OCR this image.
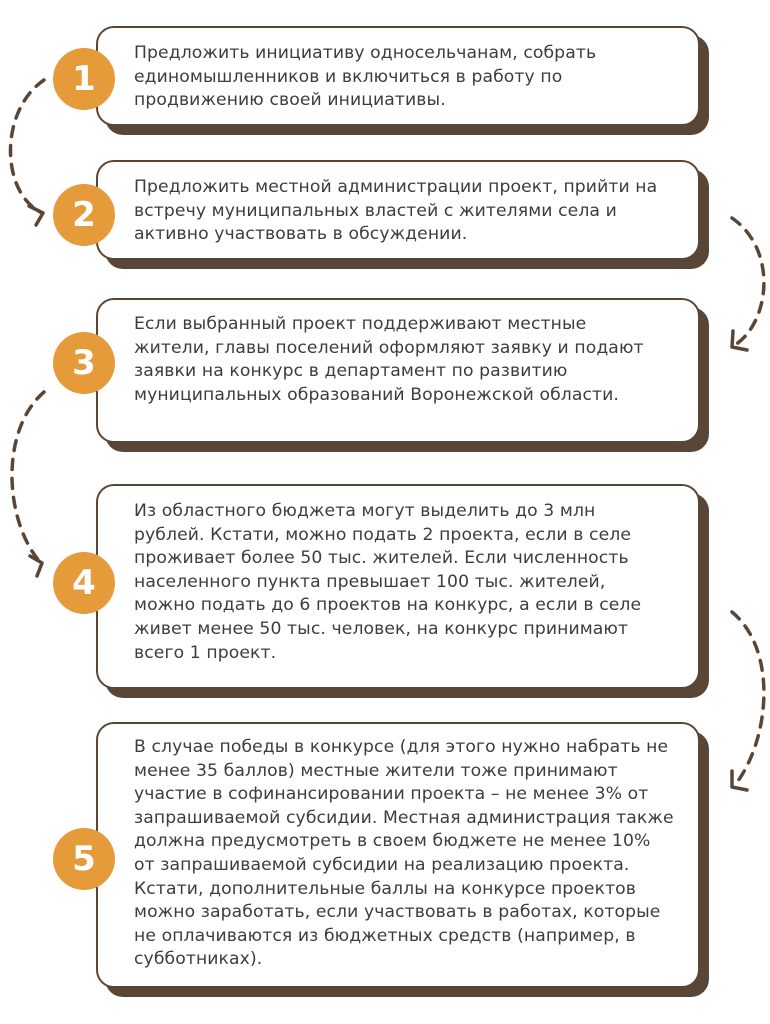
Предложить инициативу односельчанам, собрать единомышленников и включиться в работу по продвижению своей инициативы.

1

Предложить местной администрации проект, прийти на встречу муниципальных властей с жителями села и активно участвовать в обсуждении.

2

Если выбранный проект поддерживают местные жители, главы поселений оформляют заявку и подают заявки на конкурс в департамент по развитию муниципальных образований Воронежской области.

3

Из областного бюджета могут выделить до 3 млн рублей. Кстати, можно подать 2 проекта, если в селе проживает более 50 тыс. жителей. Если численность населенного пункта превышает 100 тыс. жителей, можно подать до 6 проектов на конкурс, а если в селе живет менее 50 тыс. человек, на конкурс принимают всего 1 проект.

4

В случае победы в конкурсе (для этого нужно набрать не менее 35 баллов) местные жители тоже принимают участие в софинансировании проекта – не менее 3% от запрашиваемой субсидии. Местная администрация также должна предусмотреть в своем бюджете не менее 10% от запрашиваемой субсидии на реализацию проекта. Кстати, дополнительные баллы на конкурсе проектов можно заработать, если участвовать в работах, которые не оплачиваются из бюджетных средств (например, в субботниках).

5
